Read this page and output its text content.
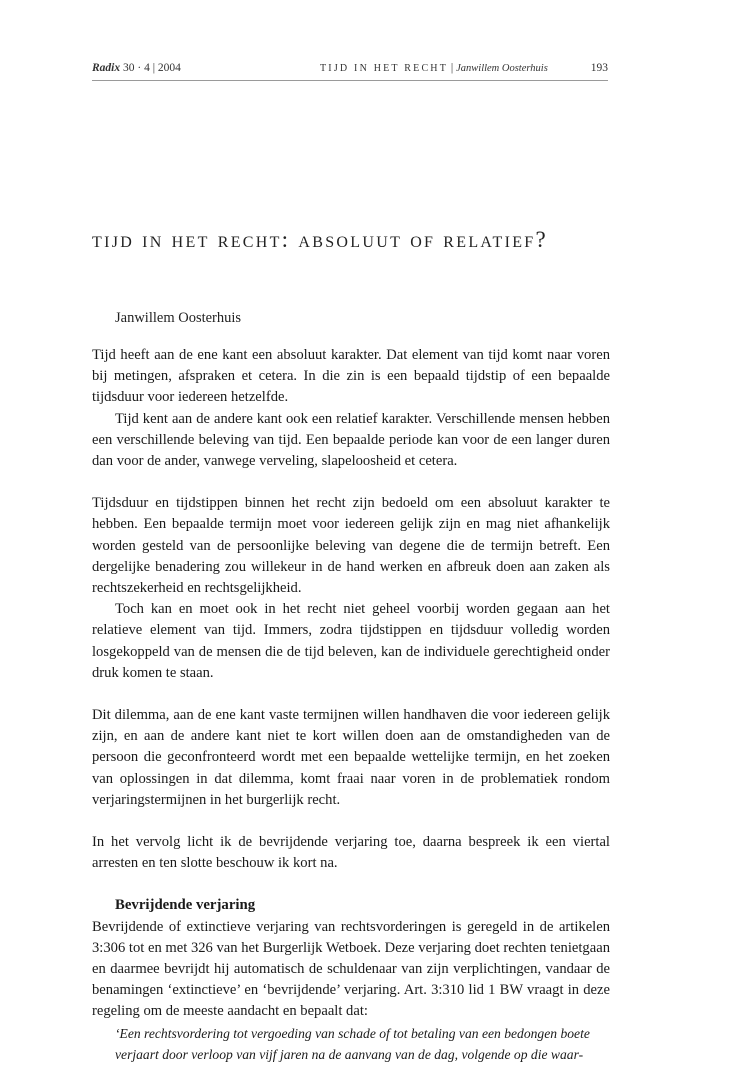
Radix 30 · 4 | 2004	TIJD IN HET RECHT | Janwillem Oosterhuis	193
tijd in het recht: absoluut of relatief?
Janwillem Oosterhuis

Tijd heeft aan de ene kant een absoluut karakter. Dat element van tijd komt naar voren bij metingen, afspraken et cetera. In die zin is een bepaald tijdstip of een bepaalde tijdsduur voor iedereen hetzelfde.

Tijd kent aan de andere kant ook een relatief karakter. Verschillende mensen hebben een verschillende beleving van tijd. Een bepaalde periode kan voor de een langer duren dan voor de ander, vanwege verveling, slapeloosheid et cetera.

Tijdsduur en tijdstippen binnen het recht zijn bedoeld om een absoluut karakter te hebben. Een bepaalde termijn moet voor iedereen gelijk zijn en mag niet afhankelijk worden gesteld van de persoonlijke beleving van degene die de termijn betreft. Een dergelijke benadering zou willekeur in de hand werken en afbreuk doen aan zaken als rechtszekerheid en rechtsgelijkheid.

Toch kan en moet ook in het recht niet geheel voorbij worden gegaan aan het relatieve element van tijd. Immers, zodra tijdstippen en tijdsduur volledig worden losgekoppeld van de mensen die de tijd beleven, kan de individuele gerechtigheid onder druk komen te staan.

Dit dilemma, aan de ene kant vaste termijnen willen handhaven die voor iedereen gelijk zijn, en aan de andere kant niet te kort willen doen aan de omstandigheden van de persoon die geconfronteerd wordt met een bepaalde wettelijke termijn, en het zoeken van oplossingen in dat dilemma, komt fraai naar voren in de problematiek rondom verjaringstermijnen in het burgerlijk recht.

In het vervolg licht ik de bevrijdende verjaring toe, daarna bespreek ik een viertal arresten en ten slotte beschouw ik kort na.

Bevrijdende verjaring

Bevrijdende of extinctieve verjaring van rechtsvorderingen is geregeld in de artikelen 3:306 tot en met 326 van het Burgerlijk Wetboek. Deze verjaring doet rechten tenietgaan en daarmee bevrijdt hij automatisch de schuldenaar van zijn verplichtingen, vandaar de benamingen ‘extinctieve’ en ‘bevrijdende’ verjaring. Art. 3:310 lid 1 BW vraagt in deze regeling om de meeste aandacht en bepaalt dat:

‘Een rechtsvordering tot vergoeding van schade of tot betaling van een bedongen boete verjaart door verloop van vijf jaren na de aanvang van de dag, volgende op die waar-
